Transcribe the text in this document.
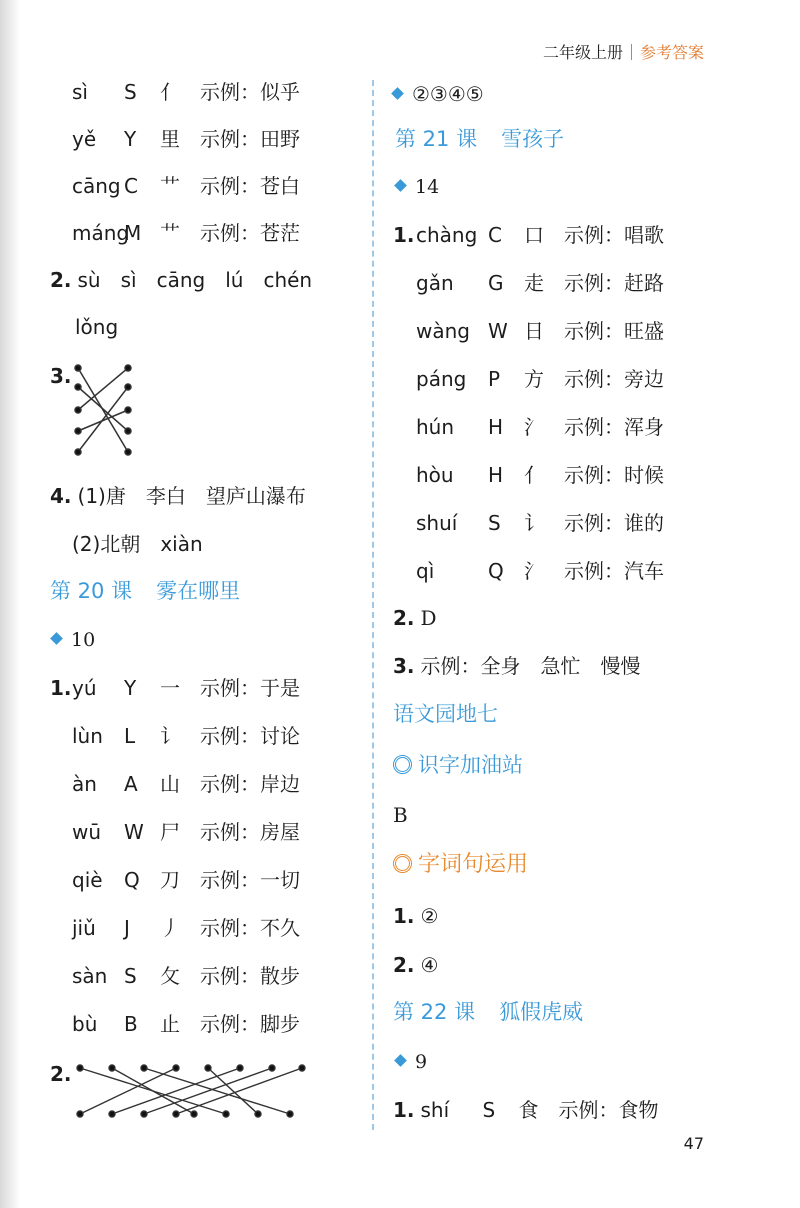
二年级上册 参考答案
sì S 亻 示例：似乎
yě Y 里 示例：田野
cāng C 艹 示例：苍白
mángM 艹 示例：苍茫
2. sù　sì　cāng　lú　chén
lǒng
3.
4. (1)唐　李白　望庐山瀑布
(2)北朝　xiàn
第 20 课 雾在哪里
10
1. yú Y 一 示例：于是
lùn L 讠 示例：讨论
àn A 山 示例：岸边
wū W 尸 示例：房屋
qiè Q 刀 示例：一切
jiǔ J 丿 示例：不久
sàn S 攵 示例：散步
bù B 止 示例：脚步
2.
②③④⑤
第 21 课 雪孩子
14
1. chàng C 口 示例：唱歌
gǎn G 走 示例：赶路
wàng W 日 示例：旺盛
páng P 方 示例：旁边
hún H 氵 示例：浑身
hòu H 亻 示例：时候
shuí S 讠 示例：谁的
qì	Q 氵 示例：汽车
2. D
3. 示例：全身　急忙　慢慢
语文园地七
识字加油站
B
字词句运用
1. ②
2. ④
第 22 课 狐假虎威
9
1. shí S 食 示例：食物
47
